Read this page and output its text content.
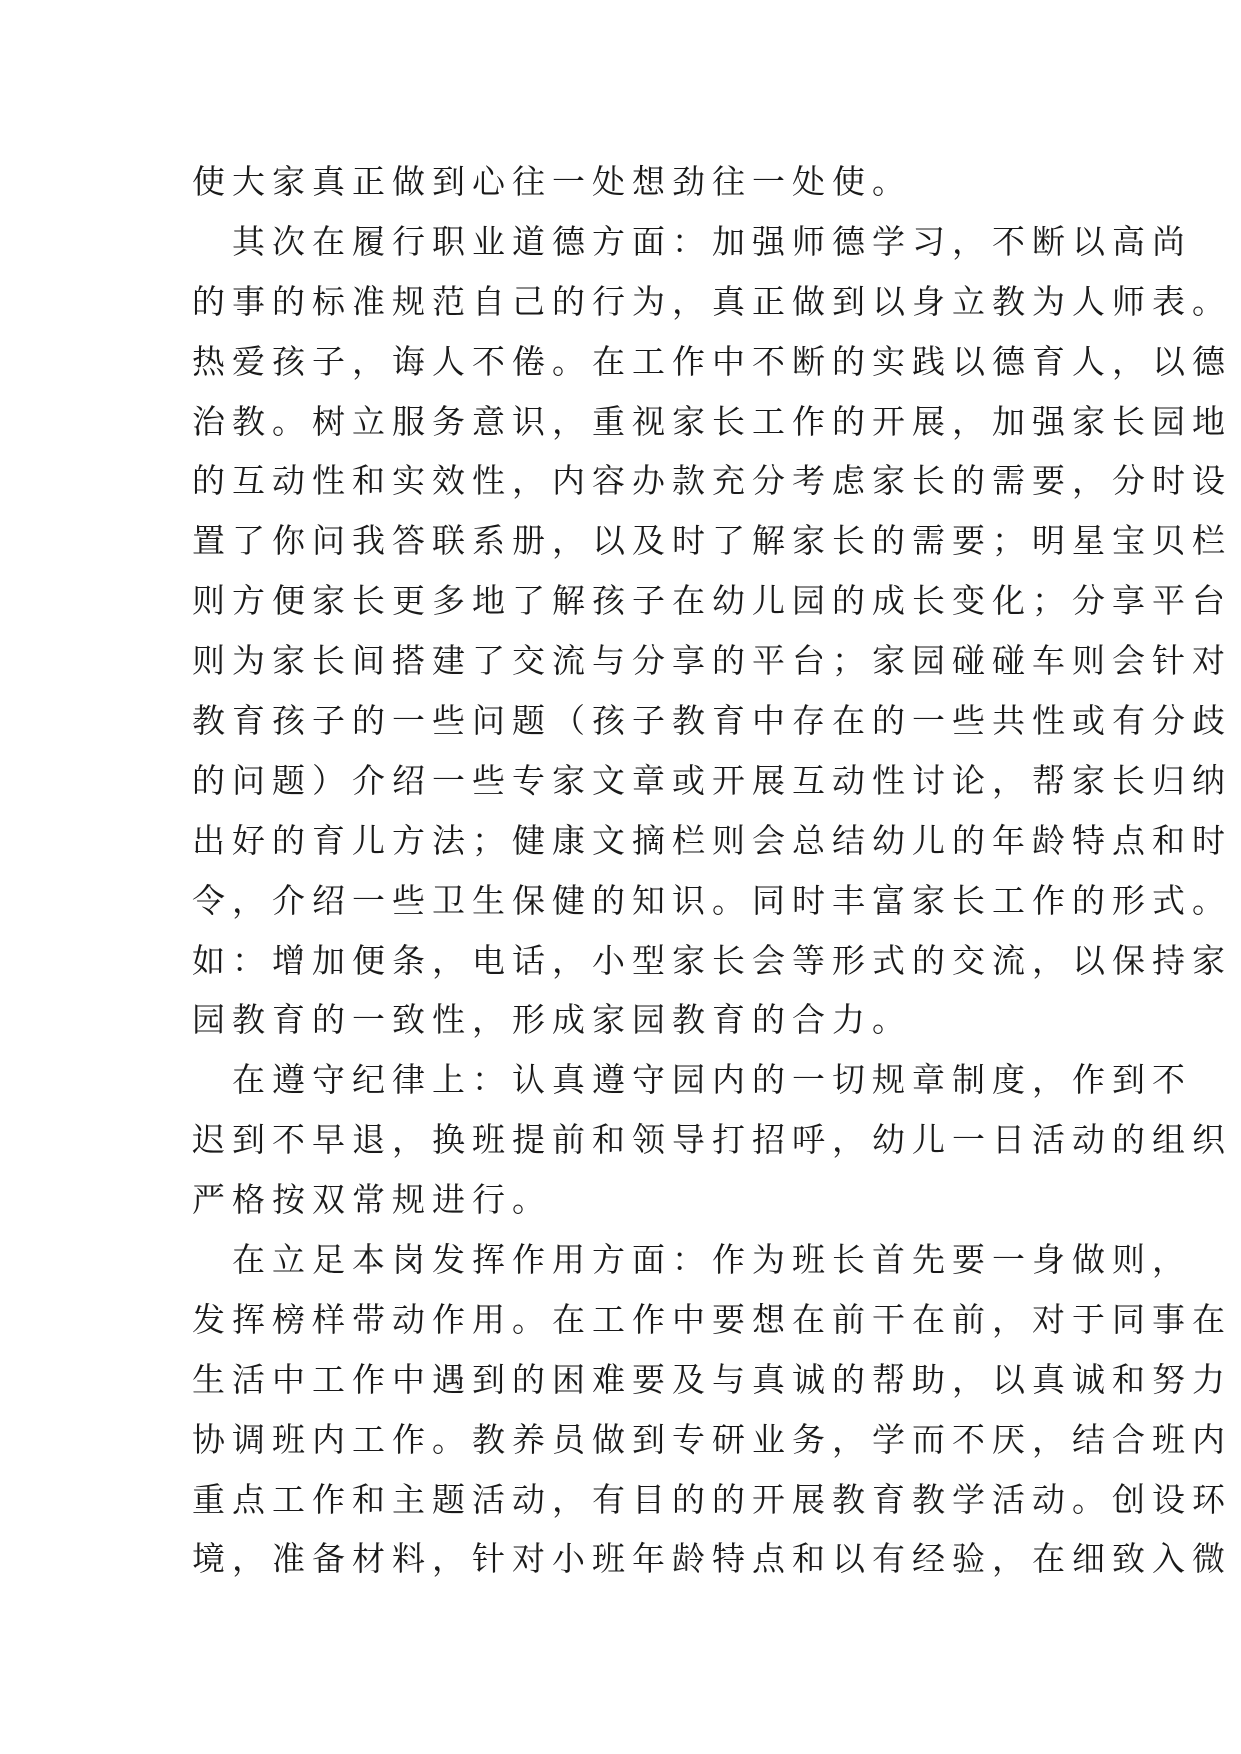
使大家真正做到心往一处想劲往一处使。
　其次在履行职业道德方面：加强师德学习，不断以高尚
的事的标准规范自己的行为，真正做到以身立教为人师表。
热爱孩子，诲人不倦。在工作中不断的实践以德育人，以德
治教。树立服务意识，重视家长工作的开展，加强家长园地
的互动性和实效性，内容办款充分考虑家长的需要，分时设
置了你问我答联系册，以及时了解家长的需要；明星宝贝栏
则方便家长更多地了解孩子在幼儿园的成长变化；分享平台
则为家长间搭建了交流与分享的平台；家园碰碰车则会针对
教育孩子的一些问题（孩子教育中存在的一些共性或有分歧
的问题）介绍一些专家文章或开展互动性讨论，帮家长归纳
出好的育儿方法；健康文摘栏则会总结幼儿的年龄特点和时
令，介绍一些卫生保健的知识。同时丰富家长工作的形式。
如：增加便条，电话，小型家长会等形式的交流，以保持家
园教育的一致性，形成家园教育的合力。
　在遵守纪律上：认真遵守园内的一切规章制度，作到不
迟到不早退，换班提前和领导打招呼，幼儿一日活动的组织
严格按双常规进行。
　在立足本岗发挥作用方面：作为班长首先要一身做则，
发挥榜样带动作用。在工作中要想在前干在前，对于同事在
生活中工作中遇到的困难要及与真诚的帮助，以真诚和努力
协调班内工作。教养员做到专研业务，学而不厌，结合班内
重点工作和主题活动，有目的的开展教育教学活动。创设环
境，准备材料，针对小班年龄特点和以有经验，在细致入微
